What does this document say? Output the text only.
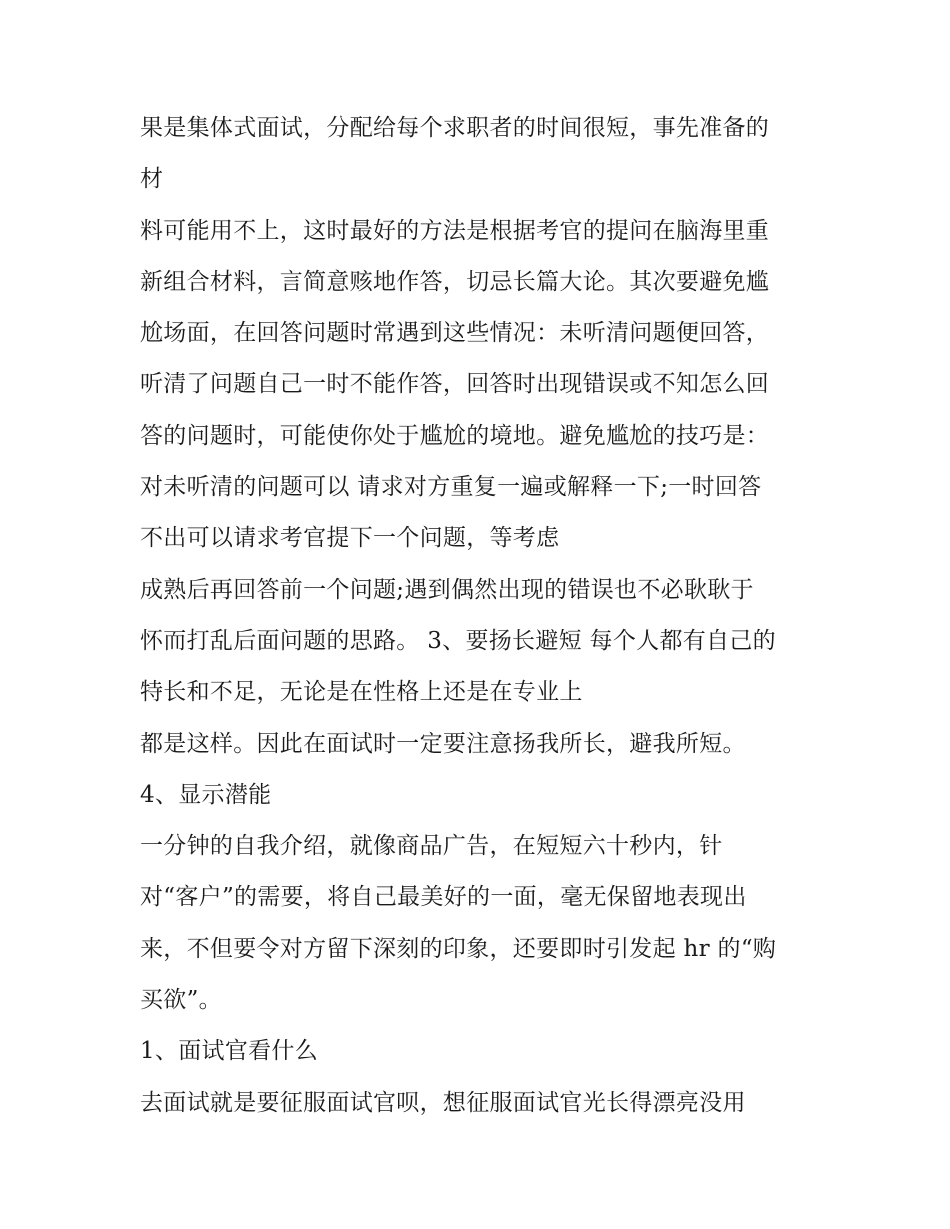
果是集体式面试，分配给每个求职者的时间很短，事先准备的
材
料可能用不上，这时最好的方法是根据考官的提问在脑海里重
新组合材料，言简意赅地作答，切忌长篇大论。其次要避免尴
尬场面，在回答问题时常遇到这些情况：未听清问题便回答，
听清了问题自己一时不能作答，回答时出现错误或不知怎么回
答的问题时，可能使你处于尴尬的境地。避免尴尬的技巧是：
对未听清的问题可以 请求对方重复一遍或解释一下;一时回答
不出可以请求考官提下一个问题，等考虑
成熟后再回答前一个问题;遇到偶然出现的错误也不必耿耿于
怀而打乱后面问题的思路。 3、要扬长避短 每个人都有自己的
特长和不足，无论是在性格上还是在专业上
都是这样。因此在面试时一定要注意扬我所长，避我所短。
4、显示潜能
一分钟的自我介绍，就像商品广告，在短短六十秒内，针
对“客户”的需要，将自己最美好的一面，毫无保留地表现出
来，不但要令对方留下深刻的印象，还要即时引发起 hr 的“购
买欲”。
1、面试官看什么
去面试就是要征服面试官呗，想征服面试官光长得漂亮没用
